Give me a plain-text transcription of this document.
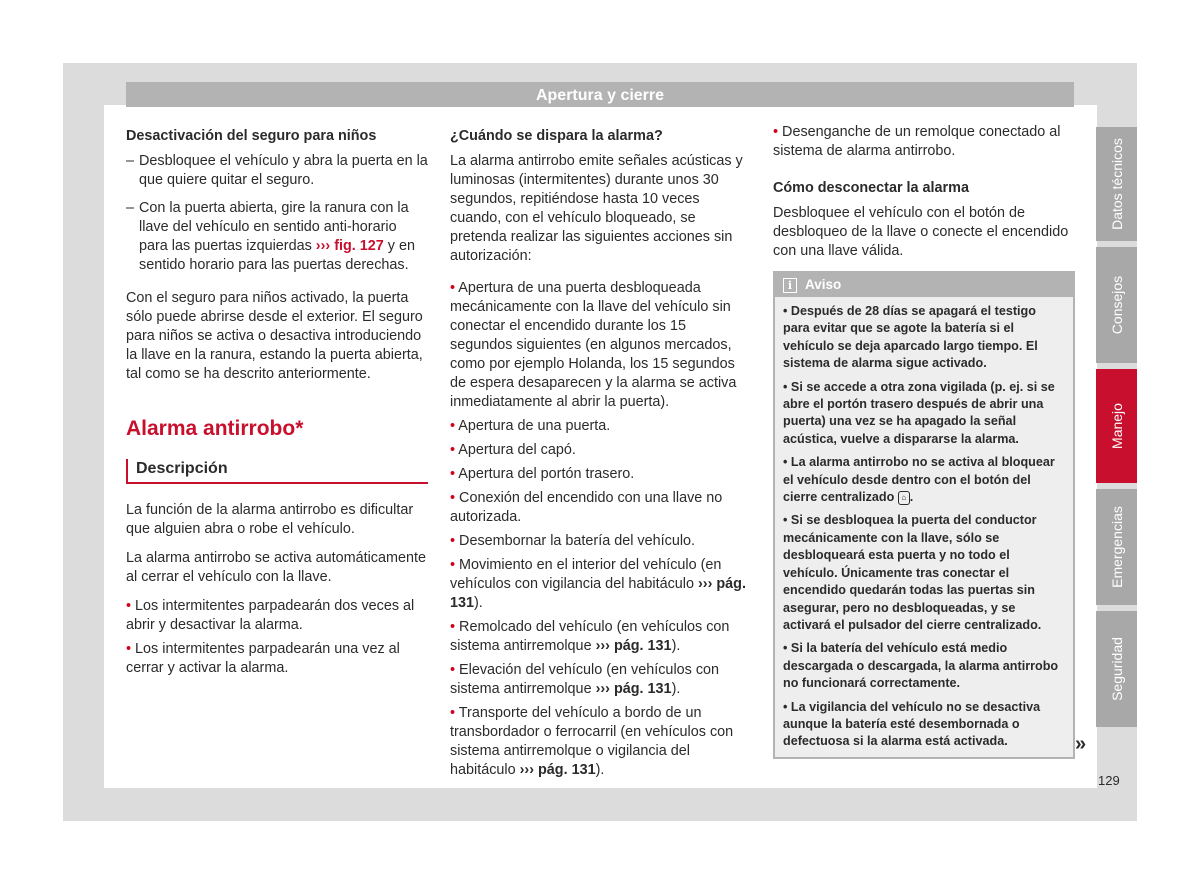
Apertura y cierre
Desactivación del seguro para niños
– Desbloquee el vehículo y abra la puerta en la que quiere quitar el seguro.
– Con la puerta abierta, gire la ranura con la llave del vehículo en sentido anti-horario para las puertas izquierdas ››› fig. 127 y en sentido horario para las puertas derechas.

Con el seguro para niños activado, la puerta sólo puede abrirse desde el exterior. El seguro para niños se activa o desactiva introduciendo la llave en la ranura, estando la puerta abierta, tal como se ha descrito anteriormente.

Alarma antirrobo*
Descripción

La función de la alarma antirrobo es dificultar que alguien abra o robe el vehículo.

La alarma antirrobo se activa automáticamente al cerrar el vehículo con la llave.

• Los intermitentes parpadearán dos veces al abrir y desactivar la alarma.
• Los intermitentes parpadearán una vez al cerrar y activar la alarma.
¿Cuándo se dispara la alarma?

La alarma antirrobo emite señales acústicas y luminosas (intermitentes) durante unos 30 segundos, repitiéndose hasta 10 veces cuando, con el vehículo bloqueado, se pretenda realizar las siguientes acciones sin autorización:

• Apertura de una puerta desbloqueada mecánicamente con la llave del vehículo sin conectar el encendido durante los 15 segundos siguientes (en algunos mercados, como por ejemplo Holanda, los 15 segundos de espera desaparecen y la alarma se activa inmediatamente al abrir la puerta).
• Apertura de una puerta.
• Apertura del capó.
• Apertura del portón trasero.
• Conexión del encendido con una llave no autorizada.
• Desembornar la batería del vehículo.
• Movimiento en el interior del vehículo (en vehículos con vigilancia del habitáculo ››› pág. 131).
• Remolcado del vehículo (en vehículos con sistema antirremolque ››› pág. 131).
• Elevación del vehículo (en vehículos con sistema antirremolque ››› pág. 131).
• Transporte del vehículo a bordo de un transbordador o ferrocarril (en vehículos con sistema antirremolque o vigilancia del habitáculo ››› pág. 131).
• Desenganche de un remolque conectado al sistema de alarma antirrobo.
Cómo desconectar la alarma

Desbloquee el vehículo con el botón de desbloqueo de la llave o conecte el encendido con una llave válida.

i Aviso
• Después de 28 días se apagará el testigo para evitar que se agote la batería si el vehículo se deja aparcado largo tiempo. El sistema de alarma sigue activado.
• Si se accede a otra zona vigilada (p. ej. si se abre el portón trasero después de abrir una puerta) una vez se ha apagado la señal acústica, vuelve a dispararse la alarma.
• La alarma antirrobo no se activa al bloquear el vehículo desde dentro con el botón del cierre centralizado ⌂ .
• Si se desbloquea la puerta del conductor mecánicamente con la llave, sólo se desbloqueará esta puerta y no todo el vehículo. Únicamente tras conectar el encendido quedarán todas las puertas sin asegurar, pero no desbloqueadas, y se activará el pulsador del cierre centralizado.
• Si la batería del vehículo está medio descargada o descargada, la alarma antirrobo no funcionará correctamente.
• La vigilancia del vehículo no se desactiva aunque la batería esté desembornada o defectuosa si la alarma está activada.	»
Datos técnicos
Consejos
Manejo
Emergencias
Seguridad
129
